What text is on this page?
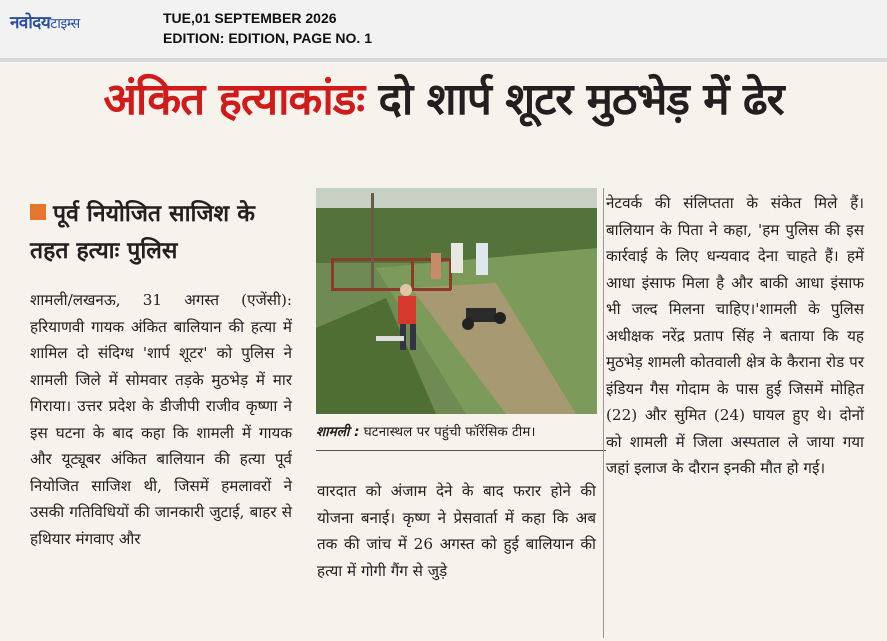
नवोदयटाइम्स	TUE,01 SEPTEMBER 2026
EDITION: EDITION, PAGE NO. 1
अंकित हत्याकांडः दो शार्प शूटर मुठभेड़ में ढेर
पूर्व नियोजित साजिश के तहत हत्याः पुलिस
शामली/लखनऊ, 31 अगस्त (एजेंसी): हरियाणवी गायक अंकित बालियान की हत्या में शामिल दो संदिग्ध 'शार्प शूटर' को पुलिस ने शामली जिले में सोमवार तड़के मुठभेड़ में मार गिराया। उत्तर प्रदेश के डीजीपी राजीव कृष्णा ने इस घटना के बाद कहा कि शामली में गायक और यूट्यूबर अंकित बालियान की हत्या पूर्व नियोजित साजिश थी, जिसमें हमलावरों ने उसकी गतिविधियों की जानकारी जुटाई, बाहर से हथियार मंगवाए और
शामली : घटनास्थल पर पहुंची फॉरेंसिक टीम।
वारदात को अंजाम देने के बाद फरार होने की योजना बनाई। कृष्ण ने प्रेसवार्ता में कहा कि अब तक की जांच में 26 अगस्त को हुई बालियान की हत्या में गोगी गैंग से जुड़े
नेटवर्क की संलिप्तता के संकेत मिले हैं। बालियान के पिता ने कहा, 'हम पुलिस की इस कार्रवाई के लिए धन्यवाद देना चाहते हैं। हमें आधा इंसाफ मिला है और बाकी आधा इंसाफ भी जल्द मिलना चाहिए।'शामली के पुलिस अधीक्षक नरेंद्र प्रताप सिंह ने बताया कि यह मुठभेड़ शामली कोतवाली क्षेत्र के कैराना रोड पर इंडियन गैस गोदाम के पास हुई जिसमें मोहित (22) और सुमित (24) घायल हुए थे। दोनों को शामली में जिला अस्पताल ले जाया गया जहां इलाज के दौरान इनकी मौत हो गई।
